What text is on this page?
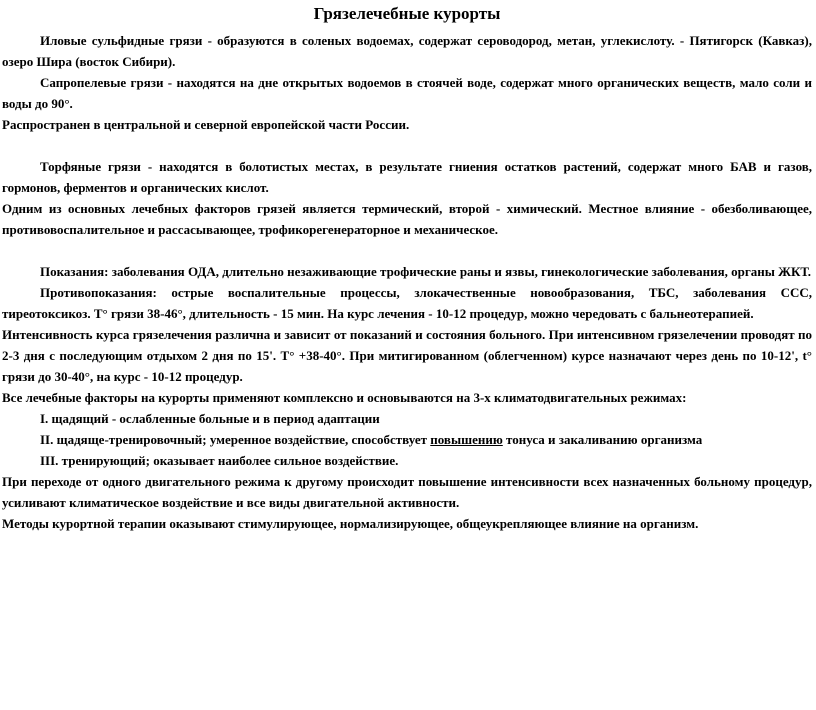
Грязелечебные курорты

Иловые сульфидные грязи - образуются в соленых водоемах, содержат сероводород, метан, углекислоту. - Пятигорск (Кавказ), озеро Шира (восток Сибири).

Сапропелевые грязи - находятся на дне открытых водоемов в стоячей воде, содержат много органических веществ, мало соли и воды до 90°.

Распространен в центральной и северной европейской части России.

Торфяные грязи - находятся в болотистых местах, в результате гниения остатков растений, содержат много БАВ и газов, гормонов, ферментов и органических кислот.

Одним из основных лечебных факторов грязей является термический, второй - химический. Местное влияние - обезболивающее, противовоспалительное и рассасывающее, трофикорегенераторное и механическое.

Показания: заболевания ОДА, длительно незаживающие трофические раны и язвы, гинекологические заболевания, органы ЖКТ.

Противопоказания: острые воспалительные процессы, злокачественные новообразования, ТБС, заболевания ССС, тиреотоксикоз. Т° грязи 38-46°, длительность - 15 мин. На курс лечения - 10-12 процедур, можно чередовать с бальнеотерапией.

Интенсивность курса грязелечения различна и зависит от показаний и состояния больного. При интенсивном грязелечении проводят по 2-3 дня с последующим отдыхом 2 дня по 15'. Т° +38-40°. При митигированном (облегченном) курсе назначают через день по 10-12', t° грязи до 30-40°, на курс - 10-12 процедур.

Все лечебные факторы на курорты применяют комплексно и основываются на 3-х климатодвигательных режимах:

I. щадящий - ослабленные больные и в период адаптации

II. щадяще-тренировочный; умеренное воздействие, способствует повышению тонуса и закаливанию организма

III. тренирующий; оказывает наиболее сильное воздействие.

При переходе от одного двигательного режима к другому происходит повышение интенсивности всех назначенных больному процедур, усиливают климатическое воздействие и все виды двигательной активности.

Методы курортной терапии оказывают стимулирующее, нормализирующее, общеукрепляющее влияние на организм.
